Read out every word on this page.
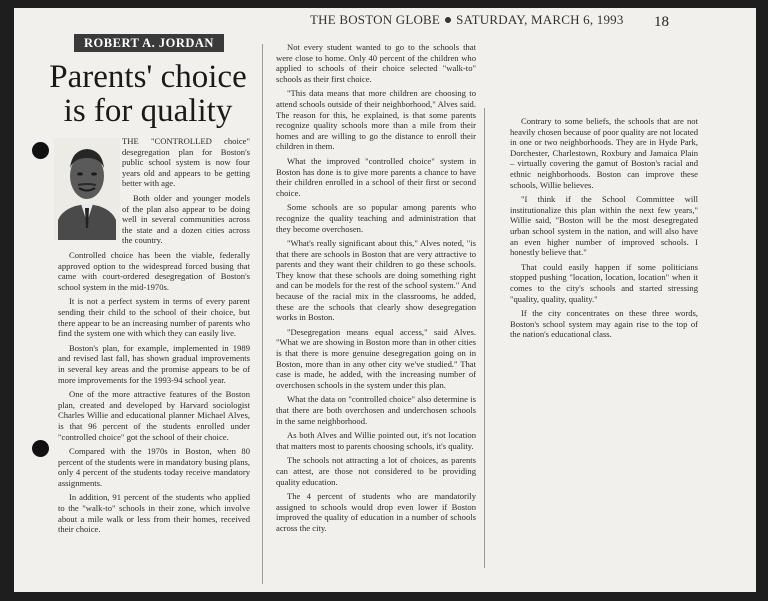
THE BOSTON GLOBE SATURDAY, MARCH 6, 1993 18
ROBERT A. JORDAN
Parents' choice
is for quality

THE "CONTROLLED choice" desegregation plan for Boston's public school system is now four years old and appears to be getting better with age.

Both older and younger models of the plan also appear to be doing well in several communities across the state and a dozen cities across the country.

Controlled choice has been the viable, federally approved option to the widespread forced busing that came with court-ordered desegregation of Boston's school system in the mid-1970s.

It is not a perfect system in terms of every parent sending their child to the school of their choice, but there appear to be an increasing number of parents who find the system one with which they can easily live.

Boston's plan, for example, implemented in 1989 and revised last fall, has shown gradual improvements in several key areas and the promise appears to be of more improvements for the 1993-94 school year.

One of the more attractive features of the Boston plan, created and developed by Harvard sociologist Charles Willie and educational planner Michael Alves, is that 96 percent of the students enrolled under "controlled choice" got the school of their choice.

Compared with the 1970s in Boston, when 80 percent of the students were in mandatory busing plans, only 4 percent of the students today receive mandatory assignments.

In addition, 91 percent of the students who applied to the "walk-to" schools in their zone, which involve about a mile walk or less from their homes, received their choice.

Not every student wanted to go to the schools that were close to home. Only 40 percent of the children who applied to schools of their choice selected "walk-to" schools as their first choice.

"This data means that more children are choosing to attend schools outside of their neighborhood," Alves said. The reason for this, he explained, is that some parents recognize quality schools more than a mile from their homes and are willing to go the distance to enroll their children in them.

What the improved "controlled choice" system in Boston has done is to give more parents a chance to have their children enrolled in a school of their first or second choice.

Some schools are so popular among parents who recognize the quality teaching and administration that they become overchosen.

"What's really significant about this," Alves noted, "is that there are schools in Boston that are very attractive to parents and they want their children to go these schools. They know that these schools are doing something right and can be models for the rest of the school system." And because of the racial mix in the classrooms, he added, these are the schools that clearly show desegregation works in Boston.

"Desegregation means equal access," said Alves. "What we are showing in Boston more than in other cities is that there is more genuine desegregation going on in Boston, more than in any other city we've studied." That case is made, he added, with the increasing number of overchosen schools in the system under this plan.

What the data on "controlled choice" also determine is that there are both overchosen and underchosen schools in the same neighborhood.

As both Alves and Willie pointed out, it's not location that matters most to parents choosing schools, it's quality.

The schools not attracting a lot of choices, as parents can attest, are those not considered to be providing quality education.

The 4 percent of students who are mandatorily assigned to schools would drop even lower if Boston improved the quality of education in a number of schools across the city.

Contrary to some beliefs, the schools that are not heavily chosen because of poor quality are not located in one or two neighborhoods. They are in Hyde Park, Dorchester, Charlestown, Roxbury and Jamaica Plain – virtually covering the gamut of Boston's racial and ethnic neighborhoods. Boston can improve these schools, Willie believes.

"I think if the School Committee will institutionalize this plan within the next few years," Willie said, "Boston will be the most desegregated urban school system in the nation, and will also have an even higher number of improved schools. I honestly believe that."

That could easily happen if some politicians stopped pushing "location, location, location" when it comes to the city's schools and started stressing "quality, quality, quality."

If the city concentrates on these three words, Boston's school system may again rise to the top of the nation's educational class.
